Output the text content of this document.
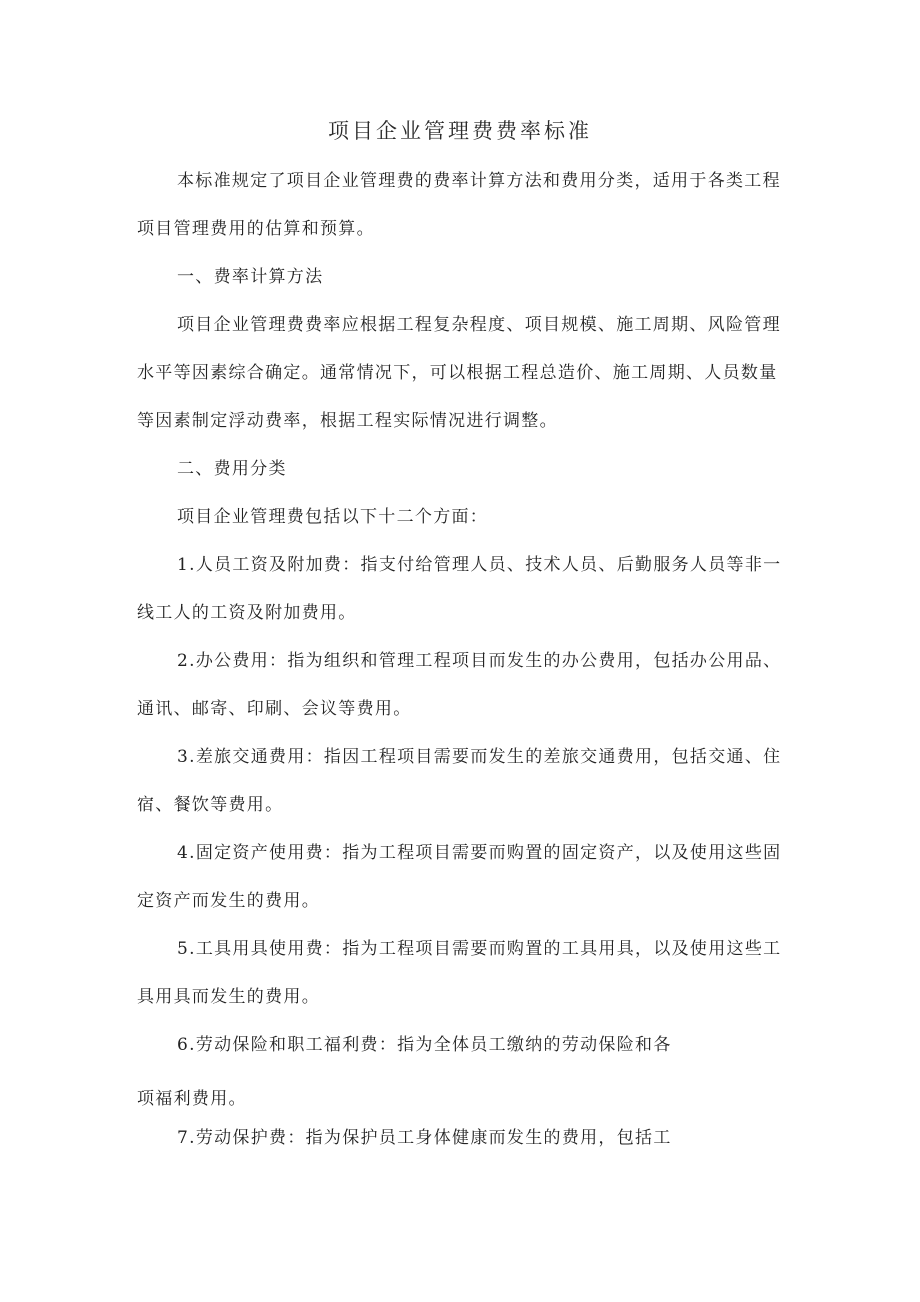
项目企业管理费费率标准

本标准规定了项目企业管理费的费率计算方法和费用分类，适用于各类工程项目管理费用的估算和预算。

一、费率计算方法

项目企业管理费费率应根据工程复杂程度、项目规模、施工周期、风险管理水平等因素综合确定。通常情况下，可以根据工程总造价、施工周期、人员数量等因素制定浮动费率，根据工程实际情况进行调整。

二、费用分类

项目企业管理费包括以下十二个方面：

1.人员工资及附加费：指支付给管理人员、技术人员、后勤服务人员等非一线工人的工资及附加费用。

2.办公费用：指为组织和管理工程项目而发生的办公费用，包括办公用品、通讯、邮寄、印刷、会议等费用。

3.差旅交通费用：指因工程项目需要而发生的差旅交通费用，包括交通、住宿、餐饮等费用。

4.固定资产使用费：指为工程项目需要而购置的固定资产，以及使用这些固定资产而发生的费用。

5.工具用具使用费：指为工程项目需要而购置的工具用具，以及使用这些工具用具而发生的费用。

6.劳动保险和职工福利费：指为全体员工缴纳的劳动保险和各
项福利费用。
7.劳动保护费：指为保护员工身体健康而发生的费用，包括工
